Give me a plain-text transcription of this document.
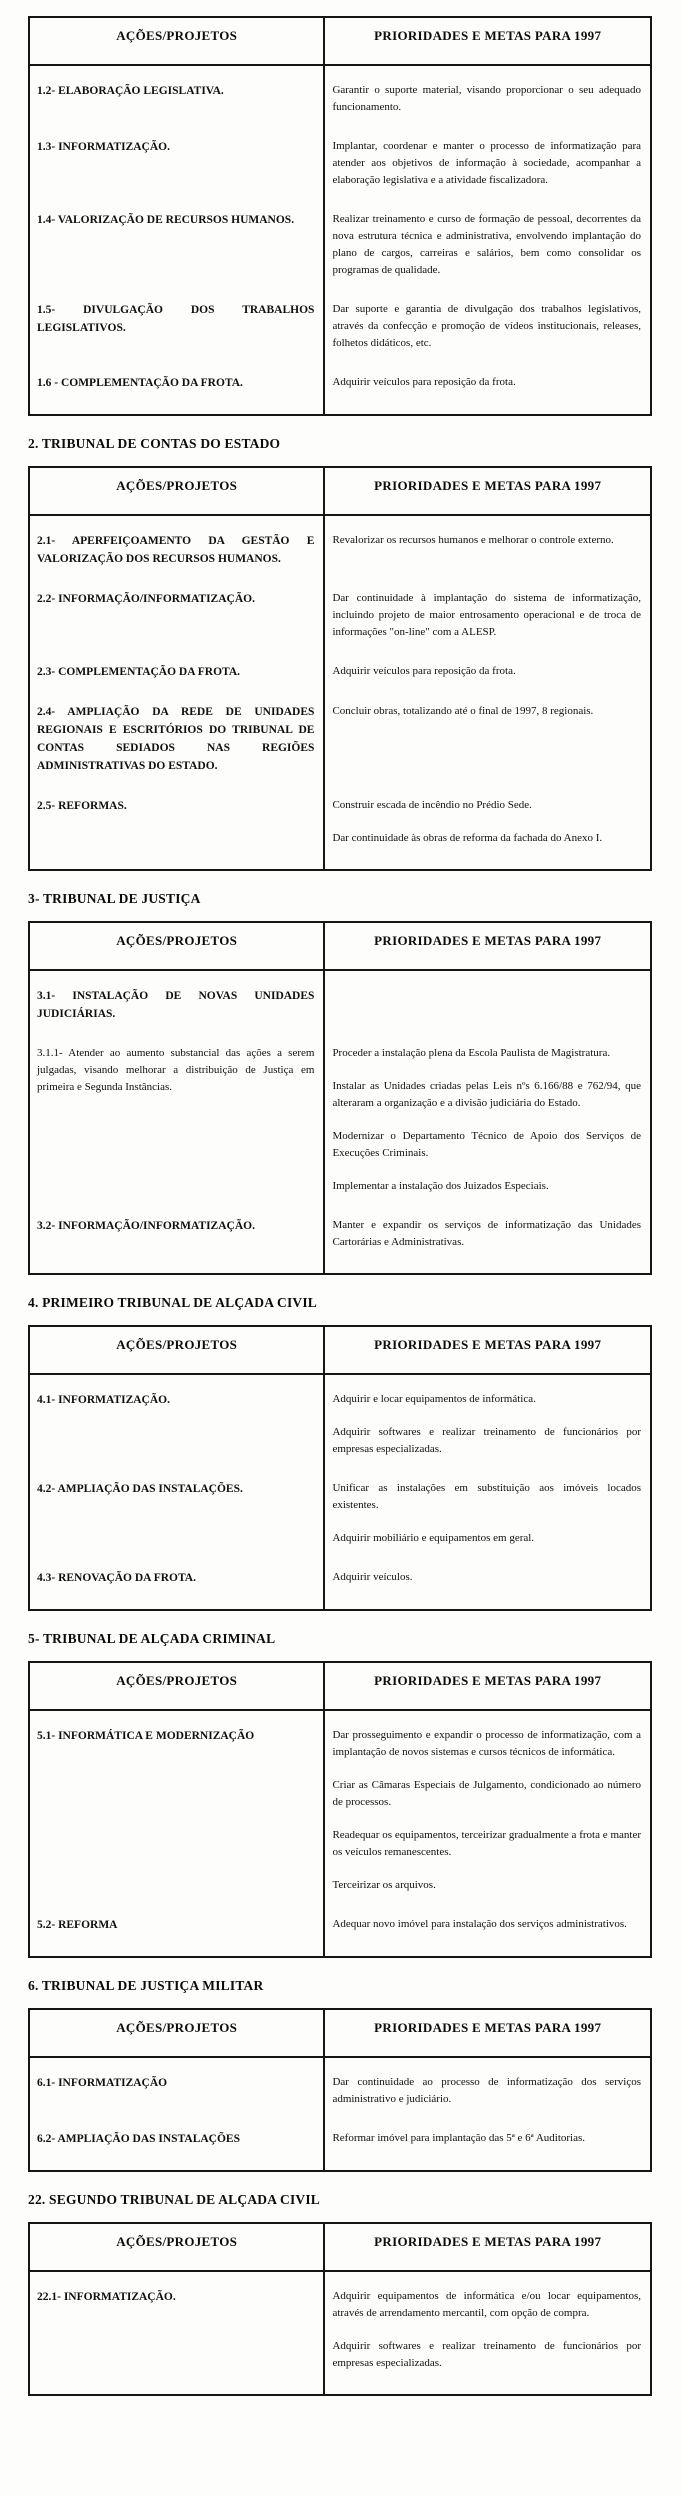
AÇÕES/PROJETOS	PRIORIDADES E METAS PARA 1997

1.2- ELABORAÇÃO LEGISLATIVA.	Garantir o suporte material, visando proporcionar o seu adequado funcionamento.

1.3- INFORMATIZAÇÃO.	Implantar, coordenar e manter o processo de informatização para atender aos objetivos de informação à sociedade, acompanhar a elaboração legislativa e a atividade fiscalizadora.

1.4- VALORIZAÇÃO DE RECURSOS HUMANOS.	Realizar treinamento e curso de formação de pessoal, decorrentes da nova estrutura técnica e administrativa, envolvendo implantação do plano de cargos, carreiras e salários, bem como consolidar os programas de qualidade.

1.5- DIVULGAÇÃO DOS TRABALHOS LEGISLATIVOS.	Dar suporte e garantia de divulgação dos trabalhos legislativos, através da confecção e promoção de vídeos institucionais, releases, folhetos didáticos, etc.

1.6 - COMPLEMENTAÇÃO DA FROTA.	Adquirir veículos para reposição da frota.

2. TRIBUNAL DE CONTAS DO ESTADO
AÇÕES/PROJETOS	PRIORIDADES E METAS PARA 1997

2.1- APERFEIÇOAMENTO DA GESTÃO E VALORIZAÇÃO DOS RECURSOS HUMANOS.	Revalorizar os recursos humanos e melhorar o controle externo.

2.2- INFORMAÇÃO/INFORMATIZAÇÃO.	Dar continuidade à implantação do sistema de informatização, incluindo projeto de maior entrosamento operacional e de troca de informações "on-line" com a ALESP.

2.3- COMPLEMENTAÇÃO DA FROTA.	Adquirir veículos para reposição da frota.

2.4- AMPLIAÇÃO DA REDE DE UNIDADES REGIONAIS E ESCRITÓRIOS DO TRIBUNAL DE CONTAS SEDIADOS NAS REGIÕES ADMINISTRATIVAS DO ESTADO.	Concluir obras, totalizando até o final de 1997, 8 regionais.

2.5- REFORMAS.	Construir escada de incêndio no Prédio Sede.

Dar continuidade às obras de reforma da fachada do Anexo I.

3- TRIBUNAL DE JUSTIÇA
AÇÕES/PROJETOS	PRIORIDADES E METAS PARA 1997

3.1- INSTALAÇÃO DE NOVAS UNIDADES JUDICIÁRIAS.	

3.1.1- Atender ao aumento substancial das ações a serem julgadas, visando melhorar a distribuição de Justiça em primeira e Segunda Instâncias.	Proceder a instalação plena da Escola Paulista de Magistratura.

Instalar as Unidades criadas pelas Leis nºs 6.166/88 e 762/94, que alteraram a organização e a divisão judiciária do Estado.

Modernizar o Departamento Técnico de Apoio dos Serviços de Execuções Criminais.

Implementar a instalação dos Juizados Especiais.

3.2- INFORMAÇÃO/INFORMATIZAÇÃO.	Manter e expandir os serviços de informatização das Unidades Cartorárias e Administrativas.

4. PRIMEIRO TRIBUNAL DE ALÇADA CIVIL
AÇÕES/PROJETOS	PRIORIDADES E METAS PARA 1997

4.1- INFORMATIZAÇÃO.	Adquirir e locar equipamentos de informática.

Adquirir softwares e realizar treinamento de funcionários por empresas especializadas.

4.2- AMPLIAÇÃO DAS INSTALAÇÕES.	Unificar as instalações em substituição aos imóveis locados existentes.

Adquirir mobiliário e equipamentos em geral.

4.3- RENOVAÇÃO DA FROTA.	Adquirir veículos.

5- TRIBUNAL DE ALÇADA CRIMINAL
AÇÕES/PROJETOS	PRIORIDADES E METAS PARA 1997

5.1- INFORMÁTICA E MODERNIZAÇÃO	Dar prosseguimento e expandir o processo de informatização, com a implantação de novos sistemas e cursos técnicos de informática.

Criar as Câmaras Especiais de Julgamento, condicionado ao número de processos.

Readequar os equipamentos, terceirizar gradualmente a frota e manter os veículos remanescentes.

Terceirizar os arquivos.

5.2- REFORMA	Adequar novo imóvel para instalação dos serviços administrativos.

6. TRIBUNAL DE JUSTIÇA MILITAR
AÇÕES/PROJETOS	PRIORIDADES E METAS PARA 1997

6.1- INFORMATIZAÇÃO	Dar continuidade ao processo de informatização dos serviços administrativo e judiciário.

6.2- AMPLIAÇÃO DAS INSTALAÇÕES	Reformar imóvel para implantação das 5ª e 6ª Auditorias.

22. SEGUNDO TRIBUNAL DE ALÇADA CIVIL
AÇÕES/PROJETOS	PRIORIDADES E METAS PARA 1997

22.1- INFORMATIZAÇÃO.	Adquirir equipamentos de informática e/ou locar equipamentos, através de arrendamento mercantil, com opção de compra.

Adquirir softwares e realizar treinamento de funcionários por empresas especializadas.
